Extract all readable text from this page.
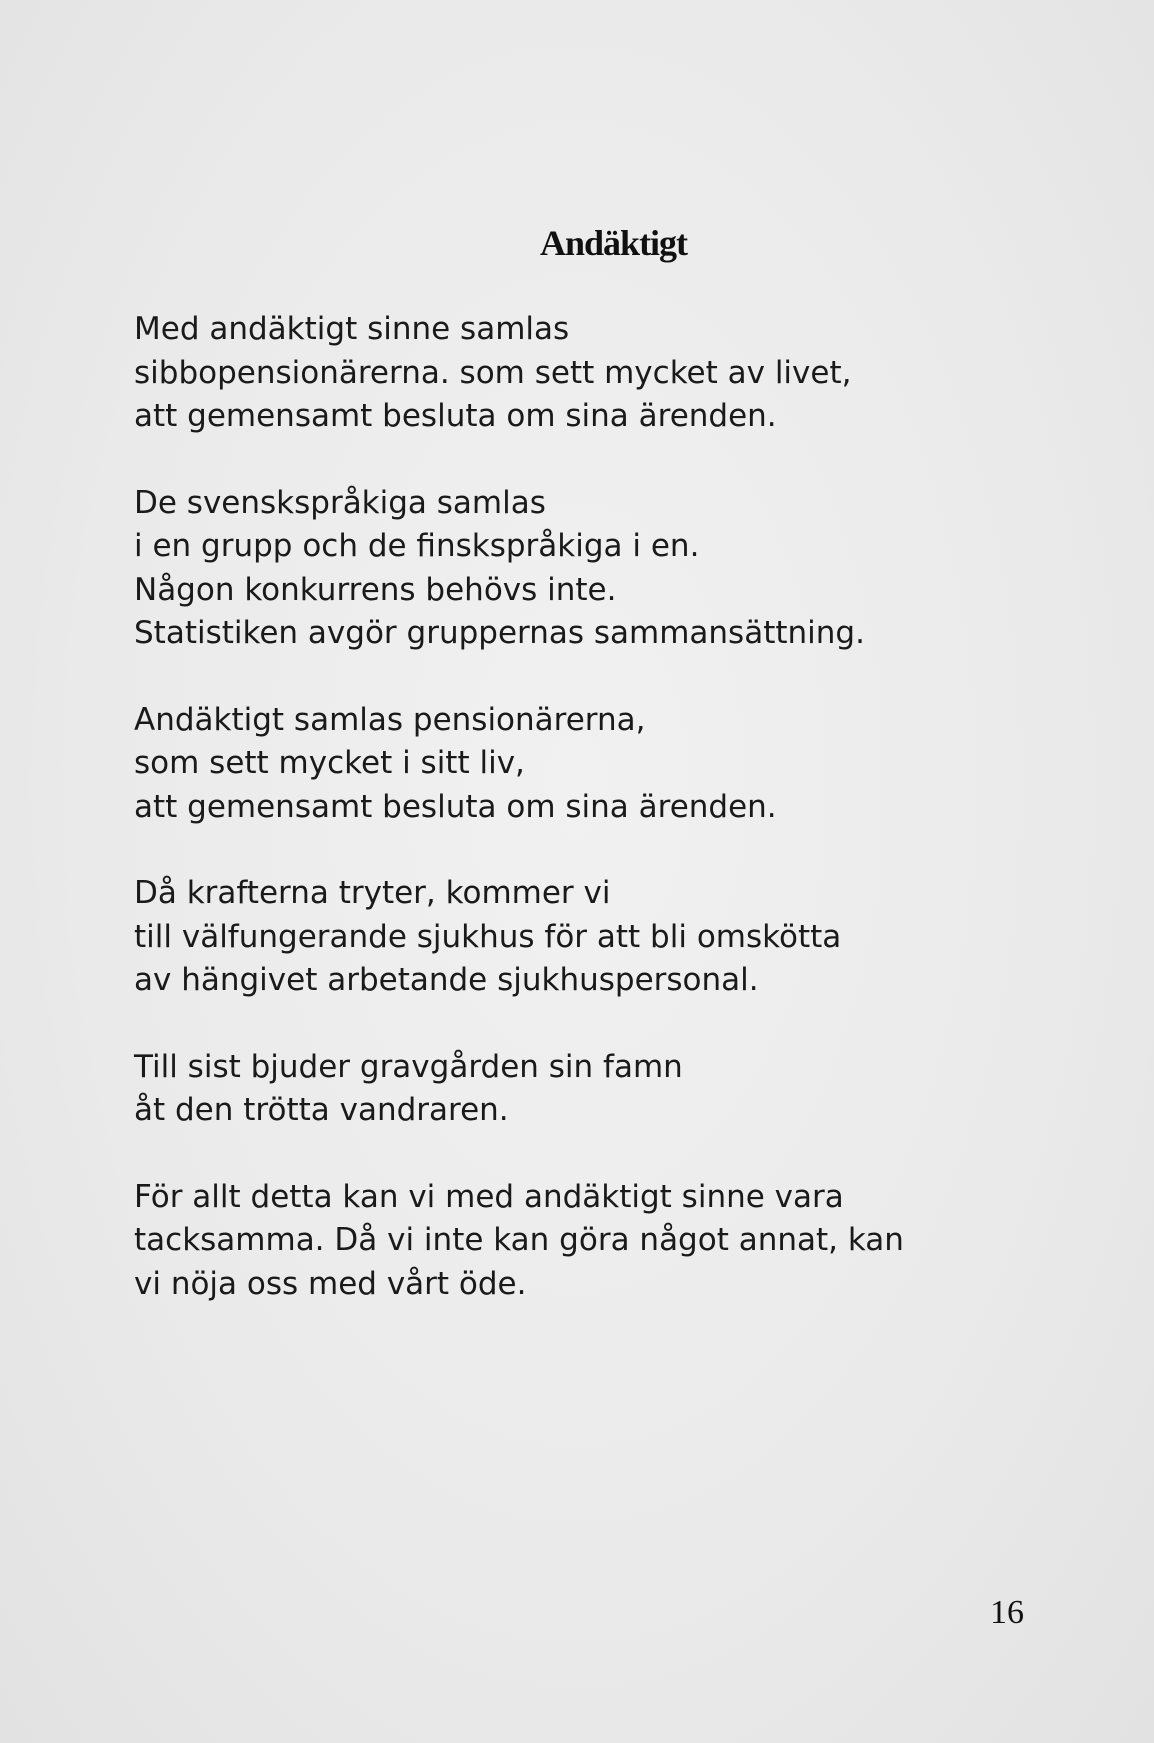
Andäktigt
Med andäktigt sinne samlas
sibbopensionärerna. som sett mycket av livet,
att gemensamt besluta om sina ärenden.
De svenskspråkiga samlas
i en grupp och de finskspråkiga i en.
Någon konkurrens behövs inte.
Statistiken avgör gruppernas sammansättning.
Andäktigt samlas pensionärerna,
som sett mycket i sitt liv,
att gemensamt besluta om sina ärenden.
Då krafterna tryter, kommer vi
till välfungerande sjukhus för att bli omskötta
av hängivet arbetande sjukhuspersonal.
Till sist bjuder gravgården sin famn
åt den trötta vandraren.
För allt detta kan vi med andäktigt sinne vara
tacksamma. Då vi inte kan göra något annat, kan
vi nöja oss med vårt öde.
16
